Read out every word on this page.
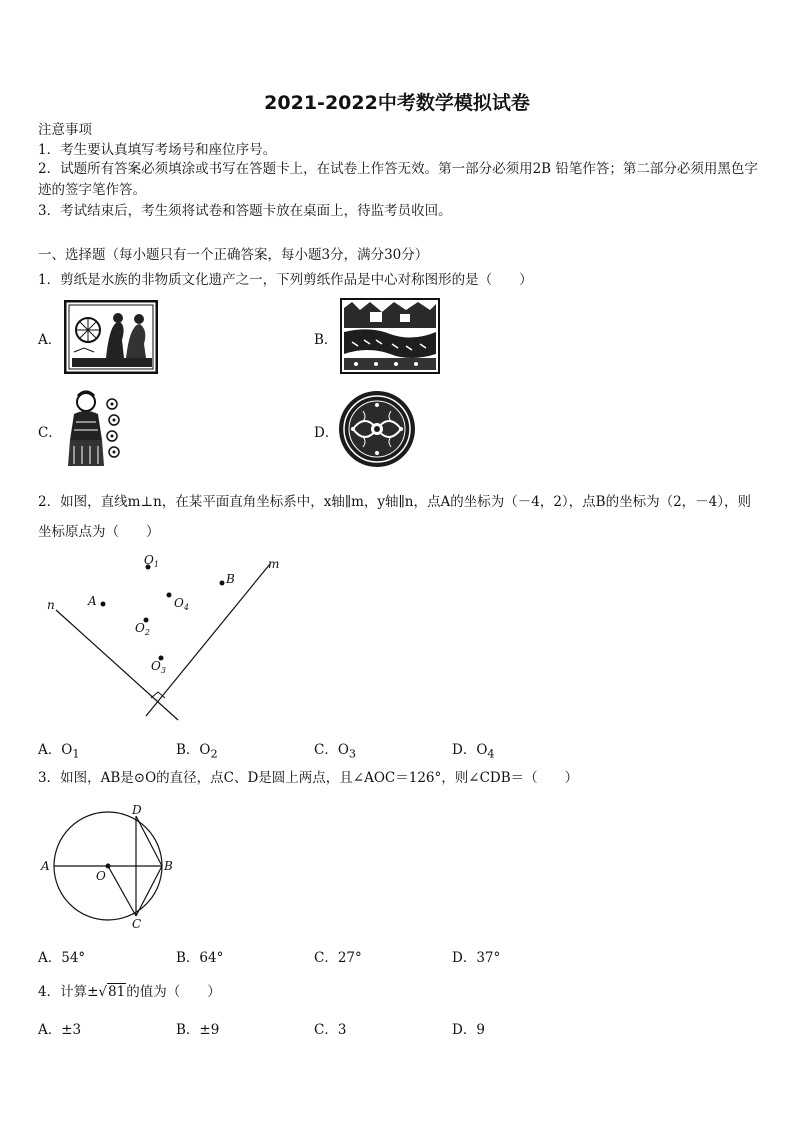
2021-2022中考数学模拟试卷
注意事项
1．考生要认真填写考场号和座位序号。
2．试题所有答案必须填涂或书写在答题卡上，在试卷上作答无效。第一部分必须用2B 铅笔作答；第二部分必须用黑色字迹的签字笔作答。
3．考试结束后，考生须将试卷和答题卡放在桌面上，待监考员收回。
一、选择题（每小题只有一个正确答案，每小题3分，满分30分）
1．剪纸是水族的非物质文化遗产之一，下列剪纸作品是中心对称图形的是（　　）
A．	B．
C．	D．
2．如图，直线m⊥n，在某平面直角坐标系中，x轴∥m，y轴∥n，点A的坐标为（－4，2），点B的坐标为（2，－4），则坐标原点为（　　）
$O_1$
$O_4$
$O_2$
$O_3$
A
B
m
n
A．$O_1$	B．$O_2$	C．$O_3$	D．$O_4$
3．如图，AB是⊙O的直径，点C、D是圆上两点，且∠AOC＝126°，则∠CDB＝（　　）
A	B
C
D
O
A．54°	B．64°	C．27°	D．37°
4．计算±√81的值为（　　）
A．±3	B．±9	C．3	D．9
